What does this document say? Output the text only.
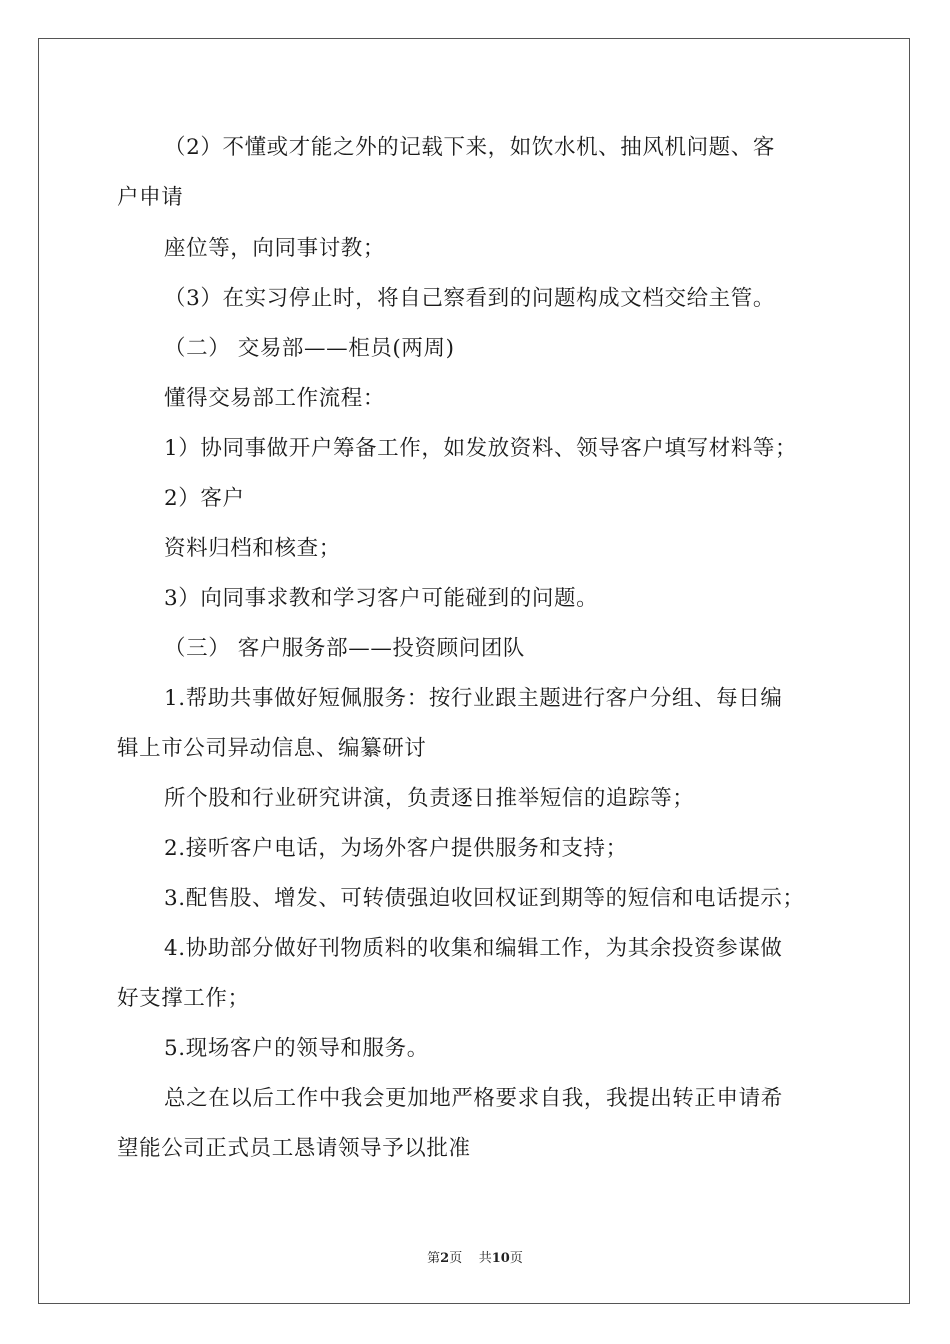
（2）不懂或才能之外的记载下来，如饮水机、抽风机问题、客
户申请
座位等，向同事讨教；
（3）在实习停止时，将自己察看到的问题构成文档交给主管。
（二） 交易部——柜员(两周)
懂得交易部工作流程：
1）协同事做开户筹备工作，如发放资料、领导客户填写材料等；
2）客户
资料归档和核查；
3）向同事求教和学习客户可能碰到的问题。
（三） 客户服务部——投资顾问团队
1.帮助共事做好短佩服务：按行业跟主题进行客户分组、每日编
辑上市公司异动信息、编纂研讨
所个股和行业研究讲演，负责逐日推举短信的追踪等；
2.接听客户电话，为场外客户提供服务和支持；
3.配售股、增发、可转债强迫收回权证到期等的短信和电话提示；
4.协助部分做好刊物质料的收集和编辑工作，为其余投资参谋做
好支撑工作；
5.现场客户的领导和服务。
总之在以后工作中我会更加地严格要求自我，我提出转正申请希
望能公司正式员工恳请领导予以批准
第2页 共10页
